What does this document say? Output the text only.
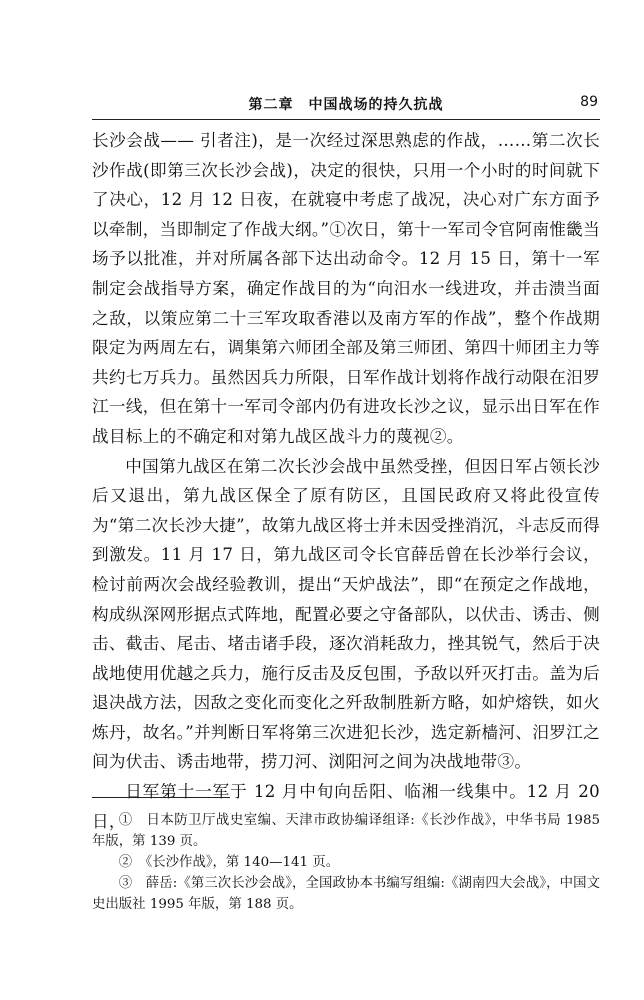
第二章　中国战场的持久抗战	89

长沙会战—— 引者注)，是一次经过深思熟虑的作战，……第二次长沙作战(即第三次长沙会战)，决定的很快，只用一个小时的时间就下了决心，12 月 12 日夜，在就寝中考虑了战况，决心对广东方面予以牵制，当即制定了作战大纲。”①次日，第十一军司令官阿南惟畿当场予以批准，并对所属各部下达出动命令。12 月 15 日，第十一军制定会战指导方案，确定作战目的为“向汨水一线进攻，并击溃当面之敌，以策应第二十三军攻取香港以及南方军的作战”，整个作战期限定为两周左右，调集第六师团全部及第三师团、第四十师团主力等共约七万兵力。虽然因兵力所限，日军作战计划将作战行动限在汨罗江一线，但在第十一军司令部内仍有进攻长沙之议，显示出日军在作战目标上的不确定和对第九战区战斗力的蔑视②。

中国第九战区在第二次长沙会战中虽然受挫，但因日军占领长沙后又退出，第九战区保全了原有防区，且国民政府又将此役宣传为“第二次长沙大捷”，故第九战区将士并未因受挫消沉，斗志反而得到激发。11 月 17 日，第九战区司令长官薛岳曾在长沙举行会议，检讨前两次会战经验教训，提出“天炉战法”，即“在预定之作战地，构成纵深网形据点式阵地，配置必要之守备部队，以伏击、诱击、侧击、截击、尾击、堵击诸手段，逐次消耗敌力，挫其锐气，然后于决战地使用优越之兵力，施行反击及反包围，予敌以歼灭打击。盖为后退决战方法，因敌之变化而变化之歼敌制胜新方略，如炉熔铁，如火炼丹，故名。”并判断日军将第三次进犯长沙，选定新樯河、汨罗江之间为伏击、诱击地带，捞刀河、浏阳河之间为决战地带③。

日军第十一军于 12 月中旬向岳阳、临湘一线集中。12 月 20 日，

①　日本防卫厅战史室编、天津市政协编译组译:《长沙作战》，中华书局 1985 年版，第 139 页。

②　《长沙作战》，第 140—141 页。

③　薛岳:《第三次长沙会战》，全国政协本书编写组编:《湖南四大会战》，中国文史出版社 1995 年版，第 188 页。
